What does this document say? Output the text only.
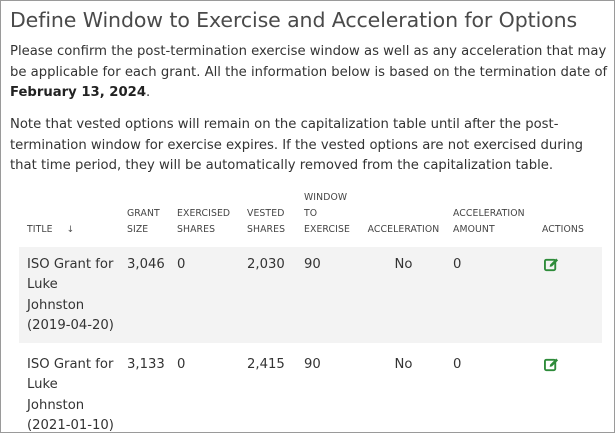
Define Window to Exercise and Acceleration for Options

Please confirm the post-termination exercise window as well as any acceleration that may be applicable for each grant. All the information below is based on the termination date of February 13, 2024.

Note that vested options will remain on the capitalization table until after the post-termination window for exercise expires. If the vested options are not exercised during that time period, they will be automatically removed from the capitalization table.

TITLE ↓	GRANT SIZE	EXERCISED SHARES	VESTED SHARES	WINDOW TO EXERCISE	ACCELERATION	ACCELERATION AMOUNT	ACTIONS
ISO Grant for Luke Johnston (2019-04-20)	3,046	0	2,030	90	No	0	

ISO Grant for Luke Johnston (2021-01-10)	3,133	0	2,415	90	No	0	
